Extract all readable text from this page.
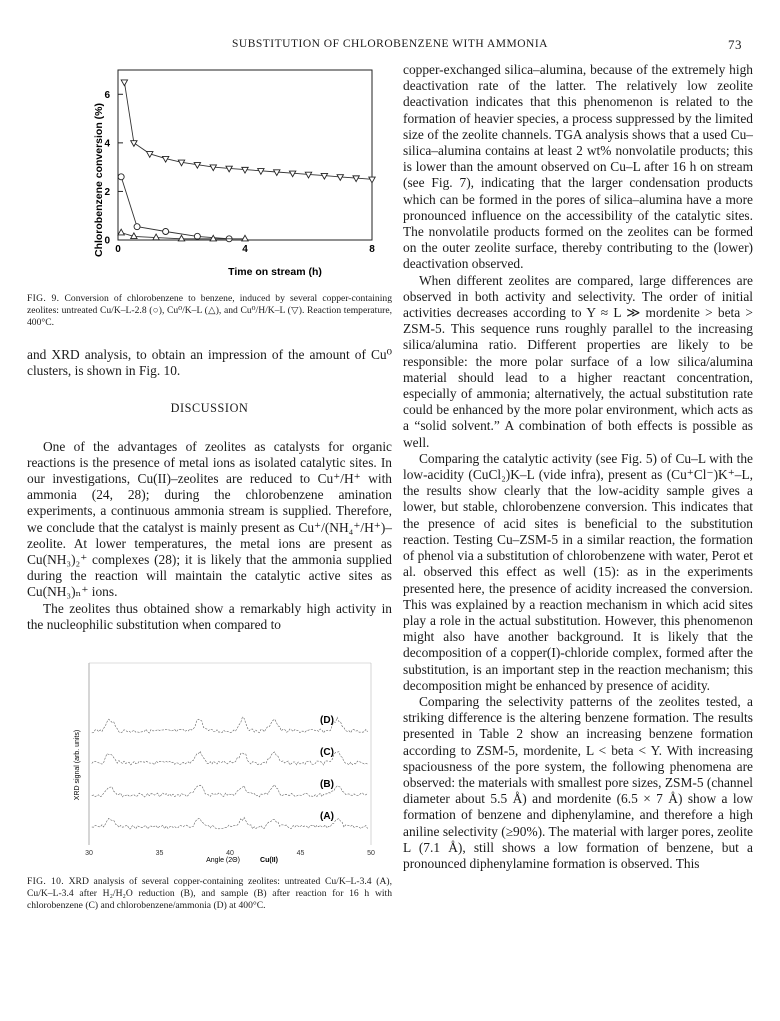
SUBSTITUTION OF CHLOROBENZENE WITH AMMONIA	73
0	4	8
0
2
4
6
Chlorobenzene conversion (%)
Time on stream (h)
FIG. 9. Conversion of chlorobenzene to benzene, induced by several copper-containing zeolites: untreated Cu/K–L-2.8 (○), Cu⁰/K–L (△), and Cu⁰/H/K–L (▽). Reaction temperature, 400°C.

and XRD analysis, to obtain an impression of the amount of Cu⁰ clusters, is shown in Fig. 10.

DISCUSSION

One of the advantages of zeolites as catalysts for organic reactions is the presence of metal ions as isolated catalytic sites. In our investigations, Cu(II)–zeolites are reduced to Cu⁺/H⁺ with ammonia (24, 28); during the chlorobenzene amination experiments, a continuous ammonia stream is supplied. Therefore, we conclude that the catalyst is mainly present as Cu⁺/(NH₄⁺/H⁺)–zeolite. At lower temperatures, the metal ions are present as Cu(NH₃)₂⁺ complexes (28); it is likely that the ammonia supplied during the reaction will maintain the catalytic active sites as Cu(NH₃)ₙ⁺ ions.

The zeolites thus obtained show a remarkably high activity in the nucleophilic substitution when compared to

30	35	40	45	50
(A)
(B)
(C)
(D)
XRD signal (arb. units)
Angle (2Θ)	Cu(II)
FIG. 10. XRD analysis of several copper-containing zeolites: untreated Cu/K–L-3.4 (A), Cu/K–L-3.4 after H₂/H₂O reduction (B), and sample (B) after reaction for 16 h with chlorobenzene (C) and chlorobenzene/ammonia (D) at 400°C.

copper-exchanged silica–alumina, because of the extremely high deactivation rate of the latter. The relatively low zeolite deactivation indicates that this phenomenon is related to the formation of heavier species, a process suppressed by the limited size of the zeolite channels. TGA analysis shows that a used Cu–silica–alumina contains at least 2 wt% nonvolatile products; this is lower than the amount observed on Cu–L after 16 h on stream (see Fig. 7), indicating that the larger condensation products which can be formed in the pores of silica–alumina have a more pronounced influence on the accessibility of the catalytic sites. The nonvolatile products formed on the zeolites can be formed on the outer zeolite surface, thereby contributing to the (lower) deactivation observed.

When different zeolites are compared, large differences are observed in both activity and selectivity. The order of initial activities decreases according to Y ≈ L ≫ mordenite > beta > ZSM-5. This sequence runs roughly parallel to the increasing silica/alumina ratio. Different properties are likely to be responsible: the more polar surface of a low silica/alumina material should lead to a higher reactant concentration, especially of ammonia; alternatively, the actual substitution rate could be enhanced by the more polar environment, which acts as a “solid solvent.” A combination of both effects is possible as well.

Comparing the catalytic activity (see Fig. 5) of Cu–L with the low-acidity (CuCl₂)K–L (vide infra), present as (Cu⁺Cl⁻)K⁺–L, the results show clearly that the low-acidity sample gives a lower, but stable, chlorobenzene conversion. This indicates that the presence of acid sites is beneficial to the substitution reaction. Testing Cu–ZSM-5 in a similar reaction, the formation of phenol via a substitution of chlorobenzene with water, Perot et al. observed this effect as well (15): as in the experiments presented here, the presence of acidity increased the conversion. This was explained by a reaction mechanism in which acid sites play a role in the actual substitution. However, this phenomenon might also have another background. It is likely that the decomposition of a copper(I)-chloride complex, formed after the substitution, is an important step in the reaction mechanism; this decomposition might be enhanced by presence of acidity.

Comparing the selectivity patterns of the zeolites tested, a striking difference is the altering benzene formation. The results presented in Table 2 show an increasing benzene formation according to ZSM-5, mordenite, L < beta < Y. With increasing spaciousness of the pore system, the following phenomena are observed: the materials with smallest pore sizes, ZSM-5 (channel diameter about 5.5 Å) and mordenite (6.5 × 7 Å) show a low formation of benzene and diphenylamine, and therefore a high aniline selectivity (≥90%). The material with larger pores, zeolite L (7.1 Å), still shows a low formation of benzene, but a pronounced diphenylamine formation is observed. This
